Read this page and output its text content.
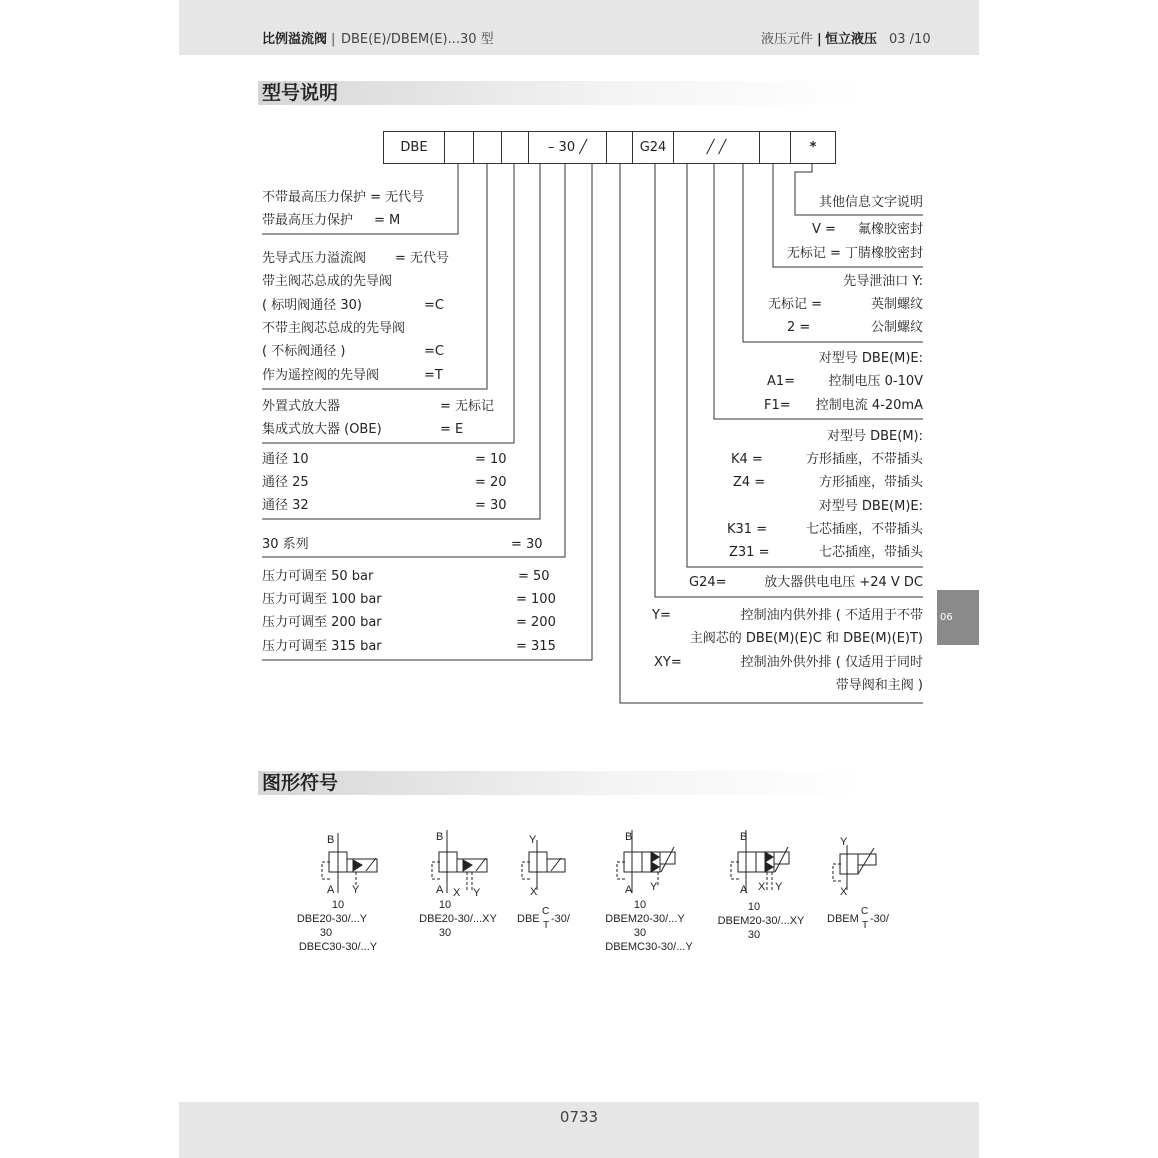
比例溢流阀 | DBE(E)/DBEM(E)...30 型	液压元件 | 恒立液压 03 /10
型号说明
DBE	– 30 ╱	G24	╱ ╱	*
不带最高压力保护 = 无代号
带最高压力保护 = M
先导式压力溢流阀 = 无代号
带主阀芯总成的先导阀
( 标明阀通径 30)	=C
不带主阀芯总成的先导阀
( 不标阀通径 )	=C
作为遥控阀的先导阀	=T
外置式放大器	= 无标记
集成式放大器 (OBE)	= E
通径 10	= 10
通径 25	= 20
通径 32	= 30
30 系列	= 30
压力可调至 50 bar	= 50
压力可调至 100 bar	= 100
压力可调至 200 bar	= 200
压力可调至 315 bar	= 315
其他信息文字说明
V = 氟橡胶密封
无标记 = 丁腈橡胶密封
先导泄油口 Y:
无标记 =	英制螺纹
2 =	公制螺纹
对型号 DBE(M)E:
A1=	控制电压 0-10V
F1= 控制电流 4-20mA
对型号 DBE(M):
K4 =	方形插座，不带插头
Z4 =	方形插座，带插头
对型号 DBE(M)E:
K31 =	七芯插座，不带插头
Z31 =	七芯插座，带插头
G24=	放大器供电电压 +24 V DC
Y=	控制油内供外排 ( 不适用于不带
主阀芯的 DBE(M)(E)C 和 DBE(M)(E)T)
XY=	控制油外供外排 ( 仅适用于同时
带导阀和主阀 )
06
图形符号
B
A Y
10
DBE20-30/...Y
30
DBEC30-30/...Y
B
A X Y
10
DBE20-30/...XY
30
Y
X
DBE
C
T
-30/
B
A Y
10
DBEM20-30/...Y
30
DBEMC30-30/...Y
B
A X Y
10
DBEM20-30/...XY
30
Y
X
DBEM
C
T
-30/
0733
